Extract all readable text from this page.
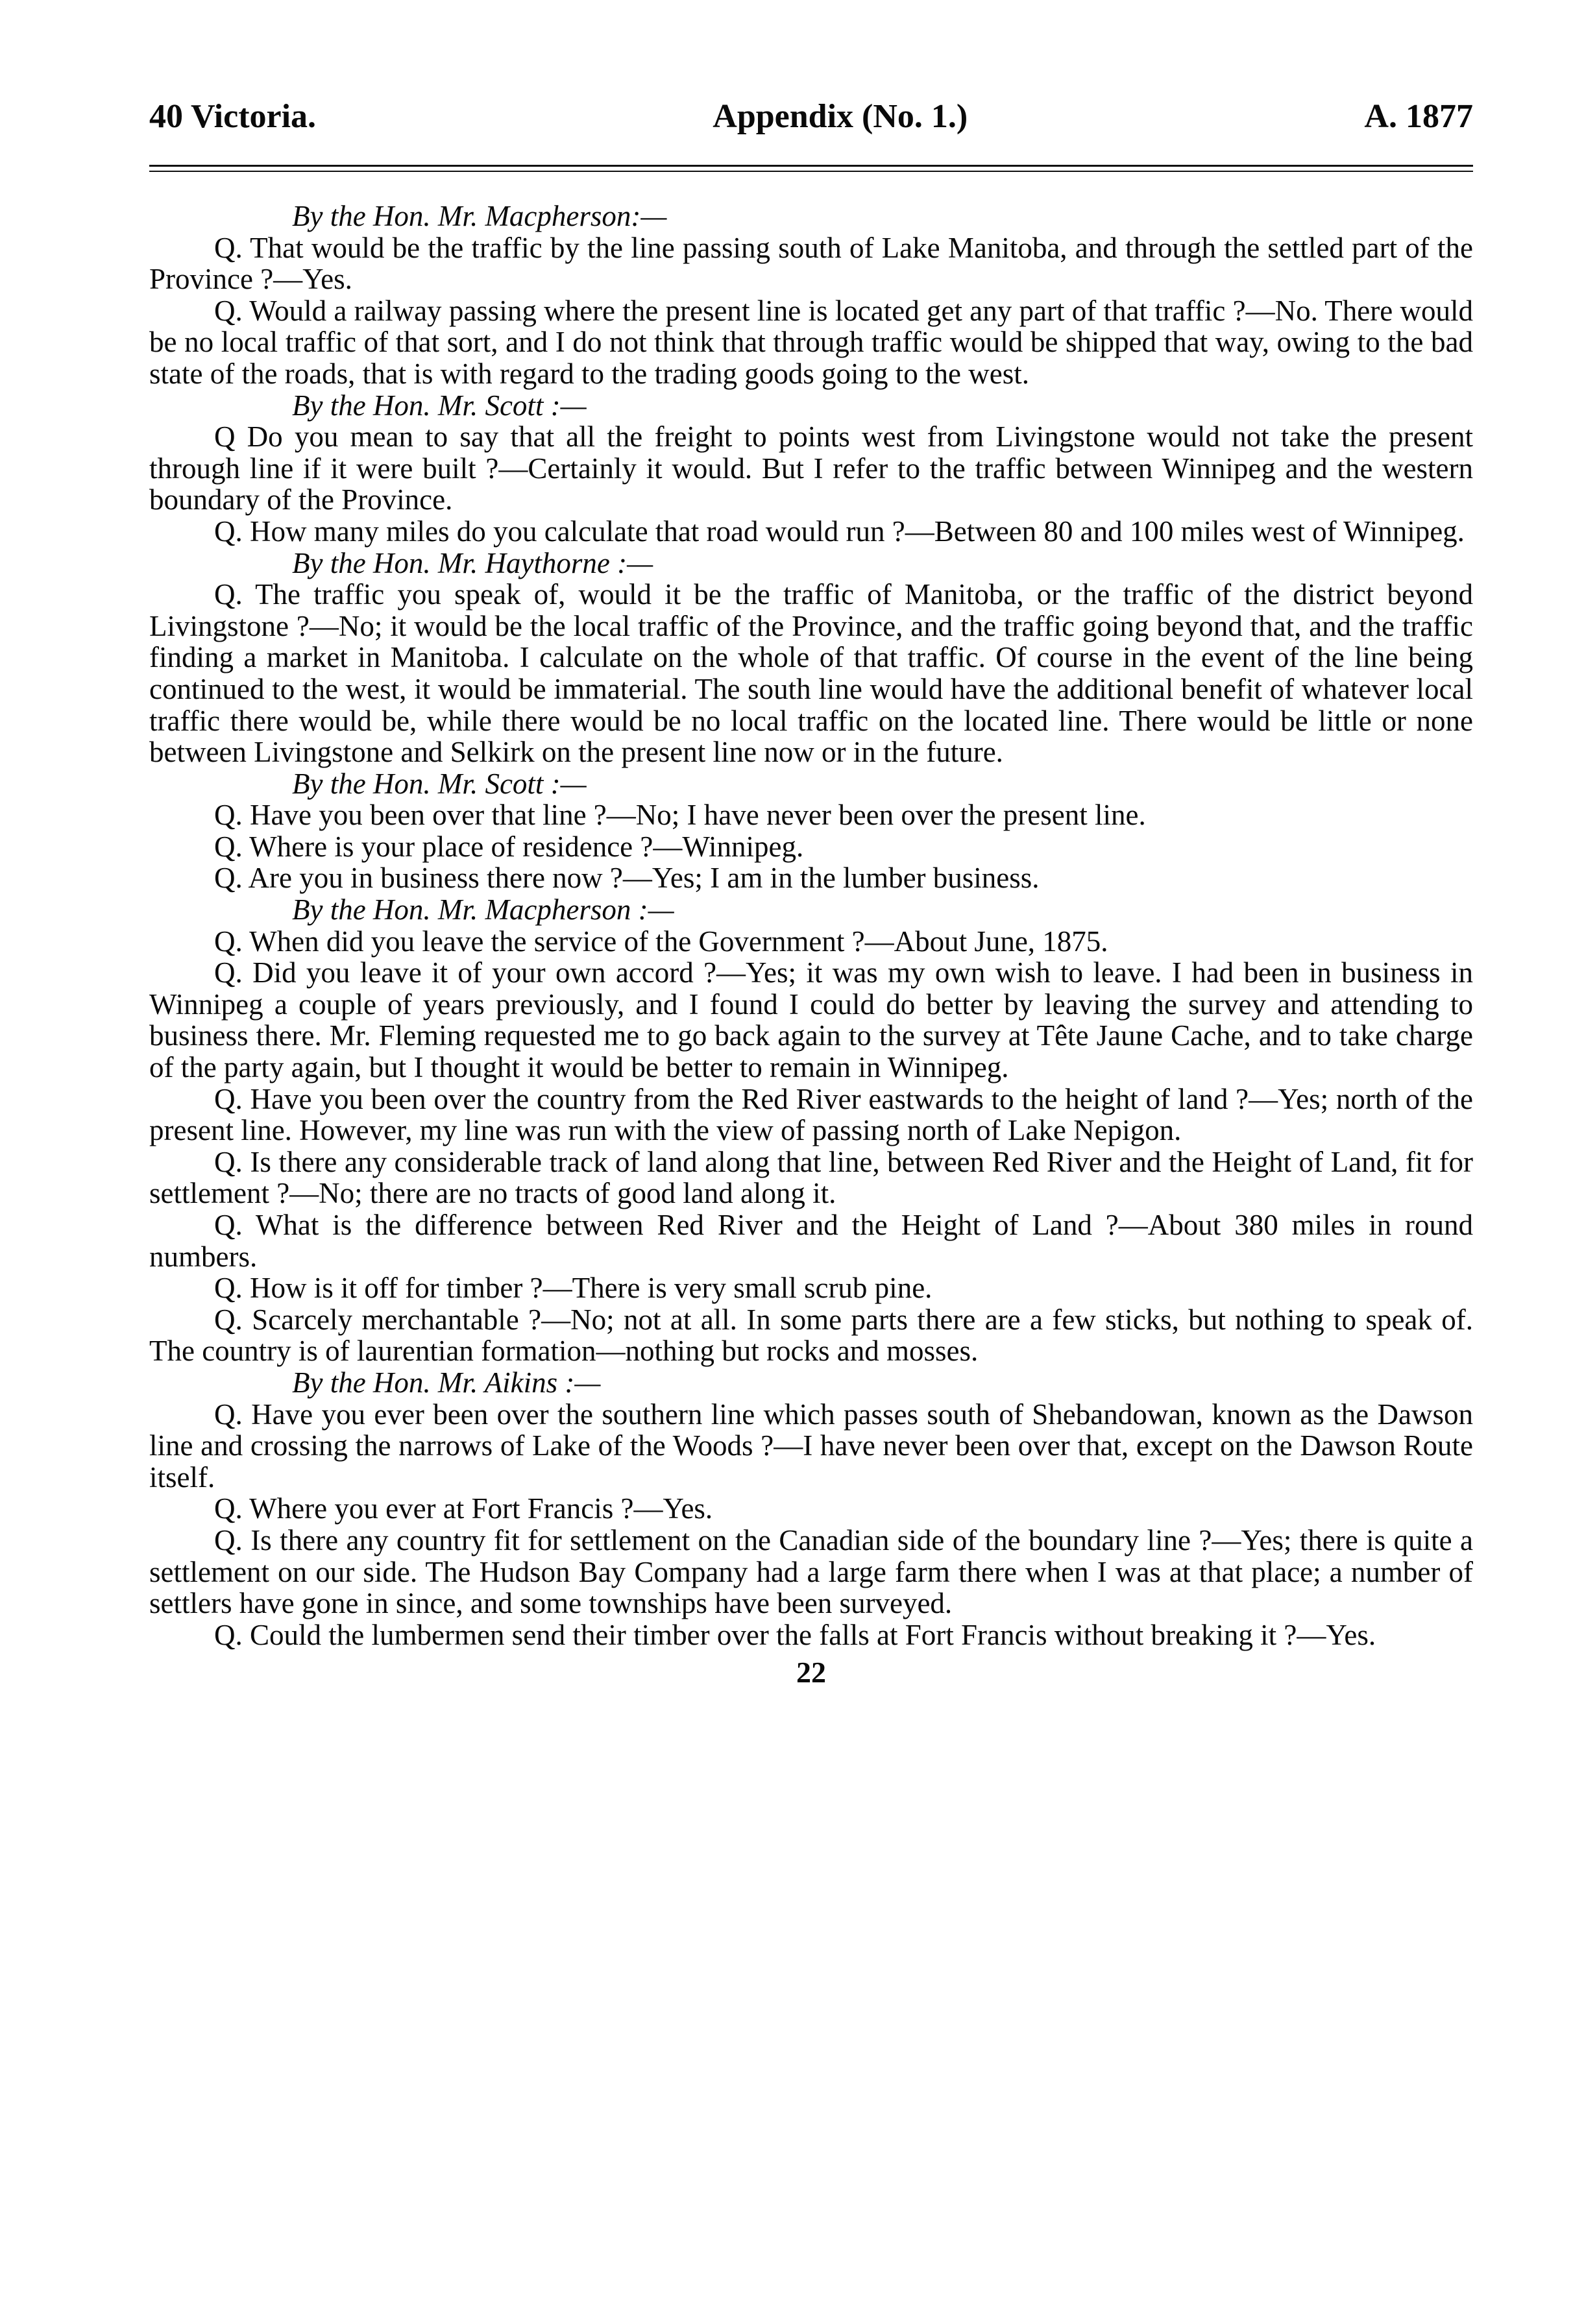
40 Victoria.	Appendix (No. 1.)	A. 1877
By the Hon. Mr. Macpherson:—
Q. That would be the traffic by the line passing south of Lake Manitoba, and through the settled part of the Province ?—Yes.
Q. Would a railway passing where the present line is located get any part of that traffic ?—No. There would be no local traffic of that sort, and I do not think that through traffic would be shipped that way, owing to the bad state of the roads, that is with regard to the trading goods going to the west.
By the Hon. Mr. Scott :—
Q Do you mean to say that all the freight to points west from Livingstone would not take the present through line if it were built ?—Certainly it would. But I refer to the traffic between Winnipeg and the western boundary of the Province.
Q. How many miles do you calculate that road would run ?—Between 80 and 100 miles west of Winnipeg.
By the Hon. Mr. Haythorne :—
Q. The traffic you speak of, would it be the traffic of Manitoba, or the traffic of the district beyond Livingstone ?—No; it would be the local traffic of the Province, and the traffic going beyond that, and the traffic finding a market in Manitoba. I calculate on the whole of that traffic. Of course in the event of the line being continued to the west, it would be immaterial. The south line would have the additional benefit of whatever local traffic there would be, while there would be no local traffic on the located line. There would be little or none between Livingstone and Selkirk on the present line now or in the future.
By the Hon. Mr. Scott :—
Q. Have you been over that line ?—No; I have never been over the present line.
Q. Where is your place of residence ?—Winnipeg.
Q. Are you in business there now ?—Yes; I am in the lumber business.
By the Hon. Mr. Macpherson :—
Q. When did you leave the service of the Government ?—About June, 1875.
Q. Did you leave it of your own accord ?—Yes; it was my own wish to leave. I had been in business in Winnipeg a couple of years previously, and I found I could do better by leaving the survey and attending to business there. Mr. Fleming requested me to go back again to the survey at Tête Jaune Cache, and to take charge of the party again, but I thought it would be better to remain in Winnipeg.
Q. Have you been over the country from the Red River eastwards to the height of land ?—Yes; north of the present line. However, my line was run with the view of passing north of Lake Nepigon.
Q. Is there any considerable track of land along that line, between Red River and the Height of Land, fit for settlement ?—No; there are no tracts of good land along it.
Q. What is the difference between Red River and the Height of Land ?—About 380 miles in round numbers.
Q. How is it off for timber ?—There is very small scrub pine.
Q. Scarcely merchantable ?—No; not at all. In some parts there are a few sticks, but nothing to speak of. The country is of laurentian formation—nothing but rocks and mosses.
By the Hon. Mr. Aikins :—
Q. Have you ever been over the southern line which passes south of Shebandowan, known as the Dawson line and crossing the narrows of Lake of the Woods ?—I have never been over that, except on the Dawson Route itself.
Q. Where you ever at Fort Francis ?—Yes.
Q. Is there any country fit for settlement on the Canadian side of the boundary line ?—Yes; there is quite a settlement on our side. The Hudson Bay Company had a large farm there when I was at that place; a number of settlers have gone in since, and some townships have been surveyed.
Q. Could the lumbermen send their timber over the falls at Fort Francis without breaking it ?—Yes.
22
